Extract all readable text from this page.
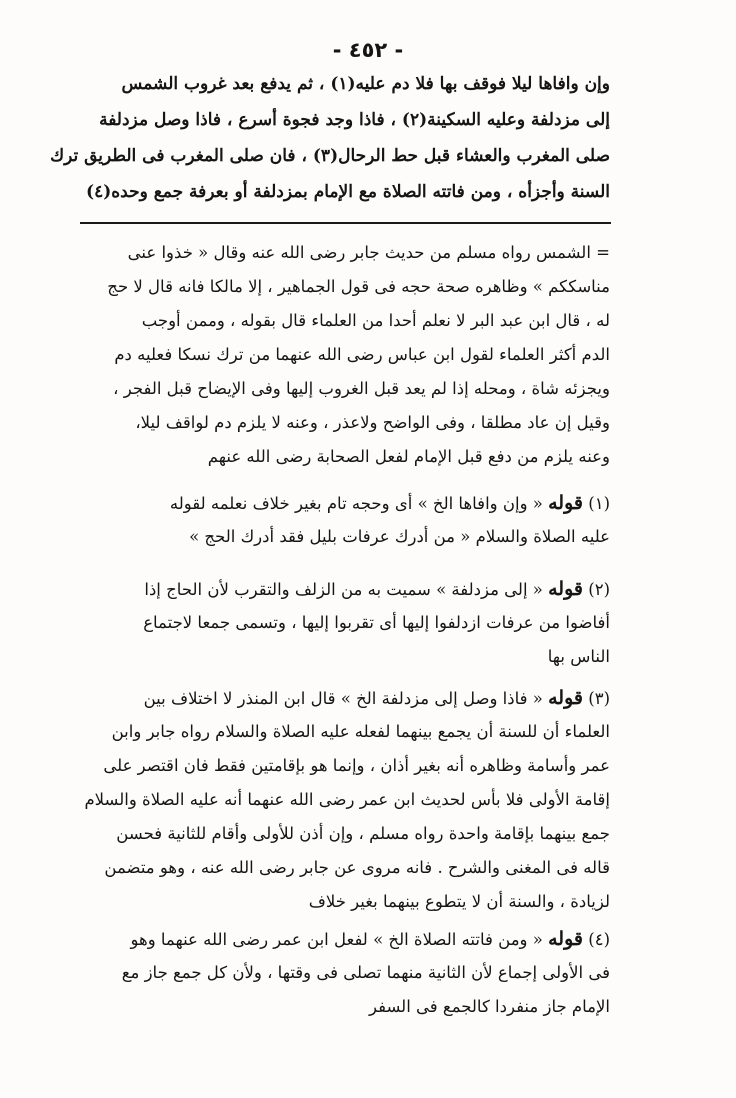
- ٤٥٢ -
وإن وافاها ليلا فوقف بها فلا دم عليه(١) ، ثم يدفع بعد غروب الشمس
إلى مزدلفة وعليه السكينة(٢) ، فاذا وجد فجوة أسرع ، فاذا وصل مزدلفة
صلى المغرب والعشاء قبل حط الرحال(٣) ، فان صلى المغرب فى الطريق ترك
السنة وأجزأه ، ومن فاتته الصلاة مع الإمام بمزدلفة أو بعرفة جمع وحده(٤)
= الشمس رواه مسلم من حديث جابر رضى الله عنه وقال « خذوا عنى
مناسككم » وظاهره صحة حجه فى قول الجماهير ، إلا مالكا فانه قال لا حج
له ، قال ابن عبد البر لا نعلم أحدا من العلماء قال بقوله ، وممن أوجب
الدم أكثر العلماء لقول ابن عباس رضى الله عنهما من ترك نسكا فعليه دم
ويجزئه شاة ، ومحله إذا لم يعد قبل الغروب إليها وفى الإيضاح قبل الفجر ،
وقيل إن عاد مطلقا ، وفى الواضح ولاعذر ، وعنه لا يلزم دم لواقف ليلا،
وعنه يلزم من دفع قبل الإمام لفعل الصحابة رضى الله عنهم
(١) قوله « وإن وافاها الخ » أى وحجه تام بغير خلاف نعلمه لقوله
عليه الصلاة والسلام « من أدرك عرفات بليل فقد أدرك الحج »
(٢) قوله « إلى مزدلفة » سميت به من الزلف والتقرب لأن الحاج إذا
أفاضوا من عرفات ازدلفوا إليها أى تقربوا إليها ، وتسمى جمعا لاجتماع
الناس بها
(٣) قوله « فاذا وصل إلى مزدلفة الخ » قال ابن المنذر لا اختلاف بين
العلماء أن للسنة أن يجمع بينهما لفعله عليه الصلاة والسلام رواه جابر وابن
عمر وأسامة وظاهره أنه بغير أذان ، وإنما هو بإقامتين فقط فان اقتصر على
إقامة الأولى فلا بأس لحديث ابن عمر رضى الله عنهما أنه عليه الصلاة والسلام
جمع بينهما بإقامة واحدة رواه مسلم ، وإن أذن للأولى وأقام للثانية فحسن
قاله فى المغنى والشرح . فانه مروى عن جابر رضى الله عنه ، وهو متضمن
لزيادة ، والسنة أن لا يتطوع بينهما بغير خلاف
(٤) قوله « ومن فاتته الصلاة الخ » لفعل ابن عمر رضى الله عنهما وهو
فى الأولى إجماع لأن الثانية منهما تصلى فى وقتها ، ولأن كل جمع جاز مع
الإمام جاز منفردا كالجمع فى السفر
